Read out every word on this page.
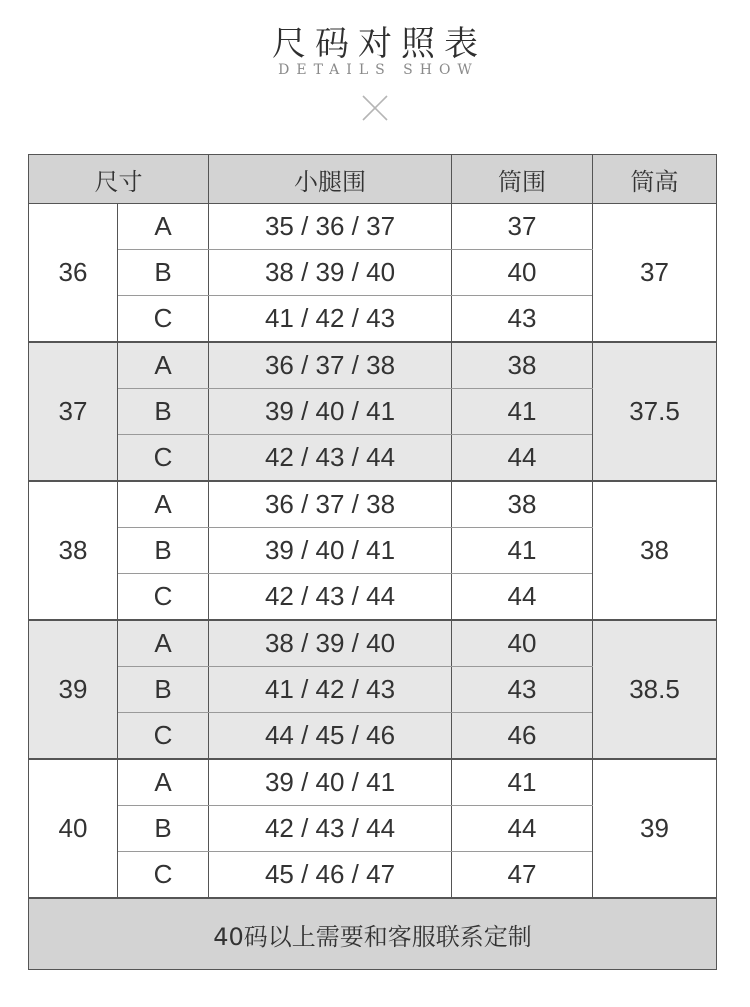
尺码对照表
DETAILS SHOW
尺寸		小腿围	筒围	筒高
36	A	35 / 36 / 37	37	37
	B	38 / 39 / 40	40	
	C	41 / 42 / 43	43	
37	A	36 / 37 / 38	38	37.5
	B	39 / 40 / 41	41	
	C	42 / 43 / 44	44	
38	A	36 / 37 / 38	38	38
	B	39 / 40 / 41	41	
	C	42 / 43 / 44	44	
39	A	38 / 39 / 40	40	38.5
	B	41 / 42 / 43	43	
	C	44 / 45 / 46	46	
40	A	39 / 40 / 41	41	39
	B	42 / 43 / 44	44	
	C	45 / 46 / 47	47	
40码以上需要和客服联系定制				
